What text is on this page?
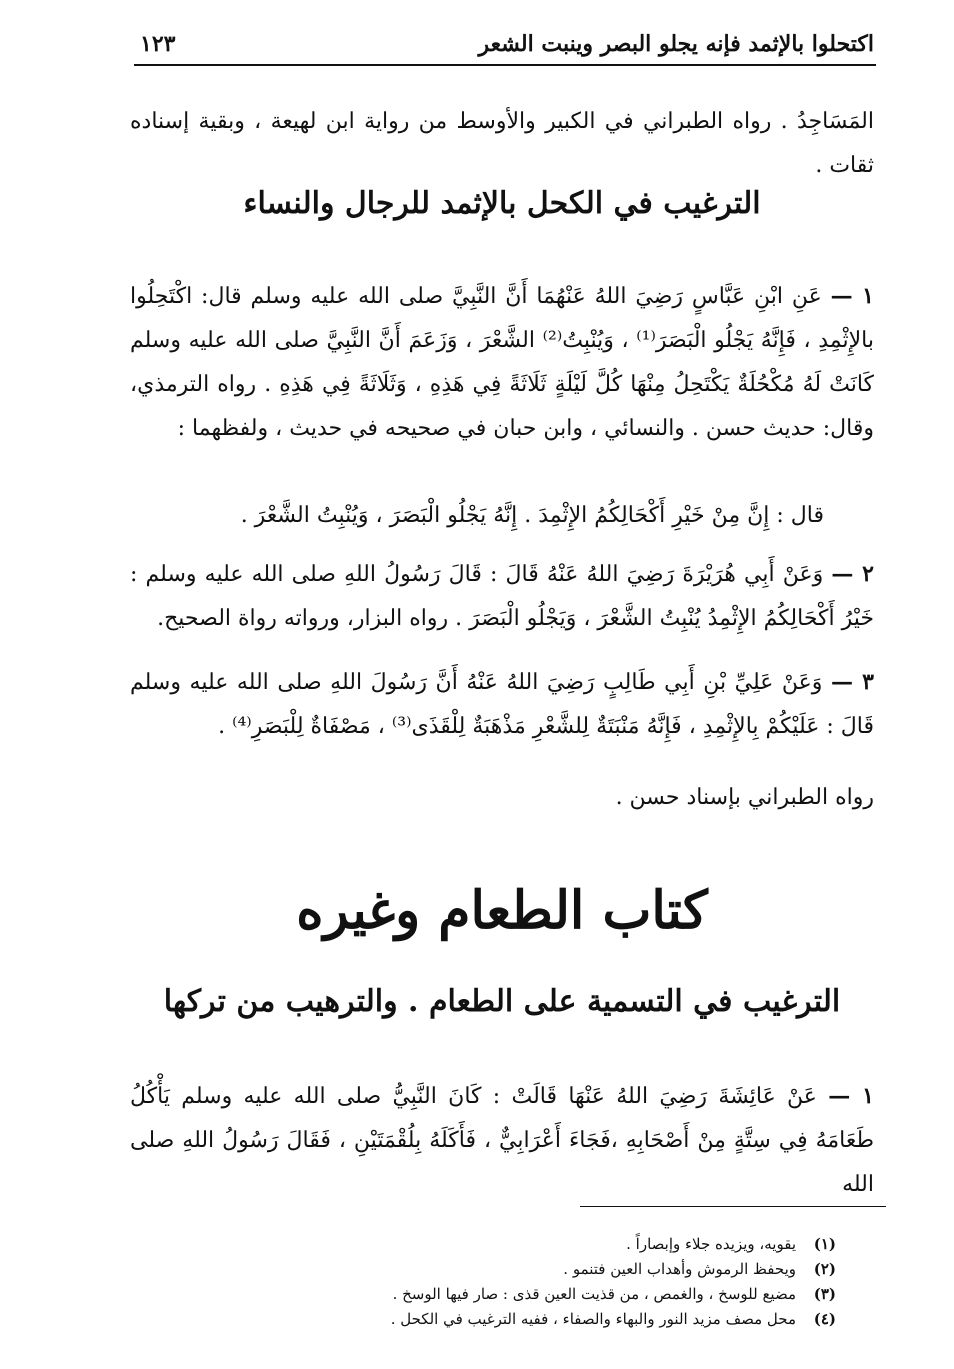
اكتحلوا بالإثمد فإنه يجلو البصر وينبت الشعر
١٢٣

المَسَاجِدُ . رواه الطبراني في الكبير والأوسط من رواية ابن لهيعة ، وبقية إسناده ثقات .

الترغيب في الكحل بالإثمد للرجال والنساء

١ — عَنِ ابْنِ عَبَّاسٍ رَضِيَ اللهُ عَنْهُمَا أَنَّ النَّبِيَّ صلى الله عليه وسلم قال: اكْتَحِلُوا بالإِثْمِدِ ، فَإِنَّهُ يَجْلُو الْبَصَرَ⁽¹⁾ ، وَيُنْبِتُ⁽²⁾ الشَّعْرَ ، وَزَعَمَ أَنَّ النَّبِيَّ صلى الله عليه وسلم كَانَتْ لَهُ مُكْحُلَةٌ يَكْتَحِلُ مِنْهَا كُلَّ لَيْلَةٍ ثَلَاثَةً فِي هَذِهِ ، وَثَلَاثَةً فِي هَذِهِ . رواه الترمذي، وقال: حديث حسن . والنسائي ، وابن حبان في صحيحه في حديث ، ولفظهما :

قال : إِنَّ مِنْ خَيْرِ أَكْحَالِكُمُ الإِثْمِدَ . إِنَّهُ يَجْلُو الْبَصَرَ ، وَيُنْبِتُ الشَّعْرَ .

٢ — وَعَنْ أَبِي هُرَيْرَةَ رَضِيَ اللهُ عَنْهُ قَالَ : قَالَ رَسُولُ اللهِ صلى الله عليه وسلم : خَيْرُ أَكْحَالِكُمُ الإِثْمِدُ يُنْبِتُ الشَّعْرَ ، وَيَجْلُو الْبَصَرَ . رواه البزار، ورواته رواة الصحيح.

٣ — وَعَنْ عَلِيِّ بْنِ أَبِي طَالِبٍ رَضِيَ اللهُ عَنْهُ أَنَّ رَسُولَ اللهِ صلى الله عليه وسلم قَالَ : عَلَيْكُمْ بِالإِثْمِدِ ، فَإِنَّهُ مَنْبَتَةٌ لِلشَّعْرِ مَذْهَبَةٌ لِلْقَذَى⁽³⁾ ، مَصْفَاةٌ لِلْبَصَرِ⁽⁴⁾ .

رواه الطبراني بإسناد حسن .

كتاب الطعام وغيره
الترغيب في التسمية على الطعام . والترهيب من تركها

١ — عَنْ عَائِشَةَ رَضِيَ اللهُ عَنْهَا قَالَتْ : كَانَ النَّبِيُّ صلى الله عليه وسلم يَأْكُلُ طَعَامَهُ فِي سِتَّةٍ مِنْ أَصْحَابِهِ ،فَجَاءَ أَعْرَابِيٌّ ، فَأَكَلَهُ بِلُقْمَتَيْنِ ، فَقَالَ رَسُولُ اللهِ صلى الله

(١)
يقويه، ويزيده جلاء وإبصاراً .
(٢)
ويحفظ الرموش وأهداب العين فتنمو .
(٣)
مضيع للوسخ ، والغمص ، من قذيت العين قذى : صار فيها الوسخ .
(٤)
محل مصف مزيد النور والبهاء والصفاء ، ففيه الترغيب في الكحل .
